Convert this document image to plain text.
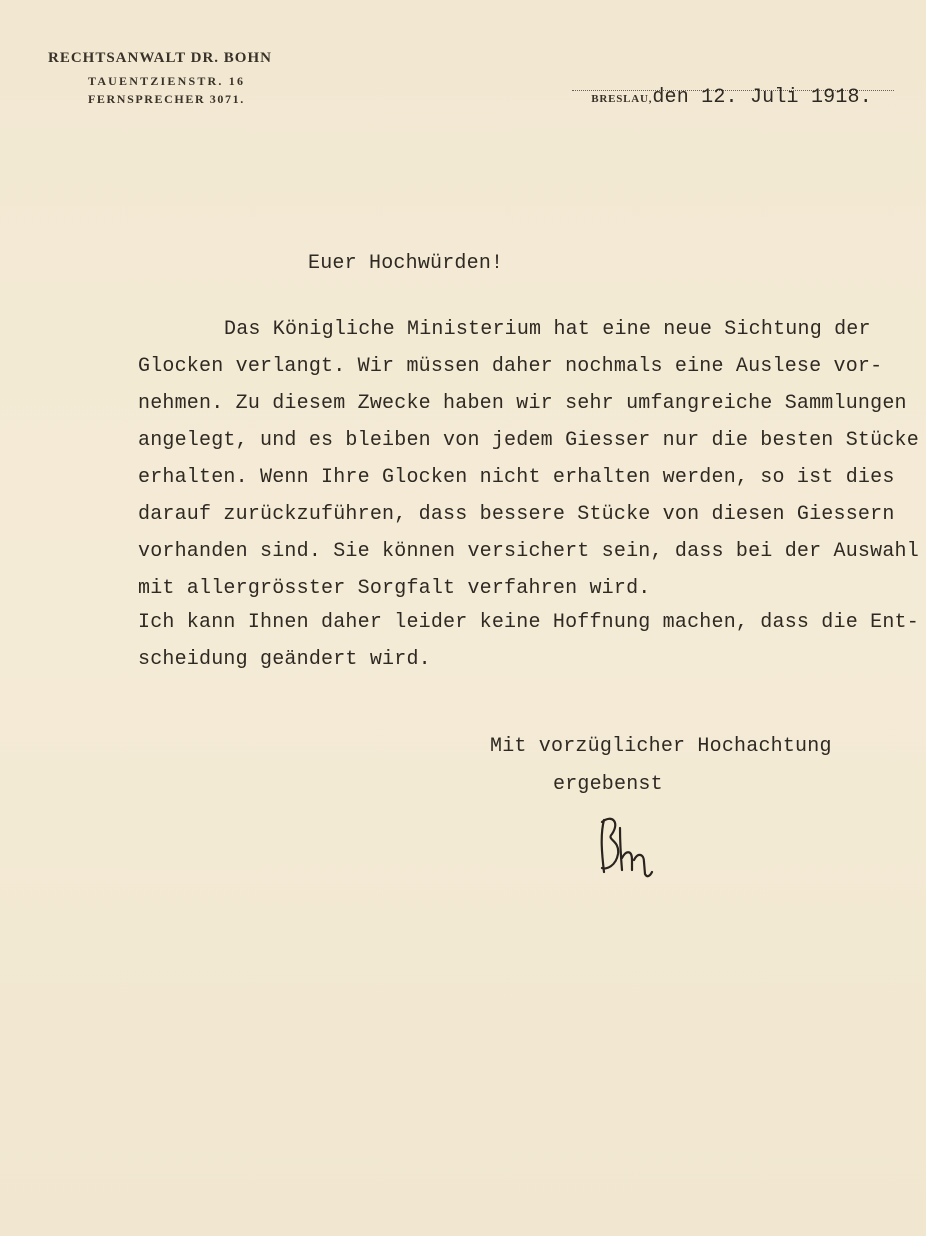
RECHTSANWALT DR. BOHN
TAUENTZIENSTR. 16
FERNSPRECHER 3071.	BRESLAU,den 12. Juli 1918.

Euer Hochwürden!
Das Königliche Ministerium hat eine neue Sichtung der
Glocken verlangt. Wir müssen daher nochmals eine Auslese vor-
nehmen. Zu diesem Zwecke haben wir sehr umfangreiche Sammlungen
angelegt, und es bleiben von jedem Giesser nur die besten Stücke
erhalten. Wenn Ihre Glocken nicht erhalten werden, so ist dies
darauf zurückzuführen, dass bessere Stücke von diesen Giessern
vorhanden sind. Sie können versichert sein, dass bei der Auswahl
mit allergrösster Sorgfalt verfahren wird.
Ich kann Ihnen daher leider keine Hoffnung machen, dass die Ent-
scheidung geändert wird.
Mit vorzüglicher Hochachtung
ergebenst
